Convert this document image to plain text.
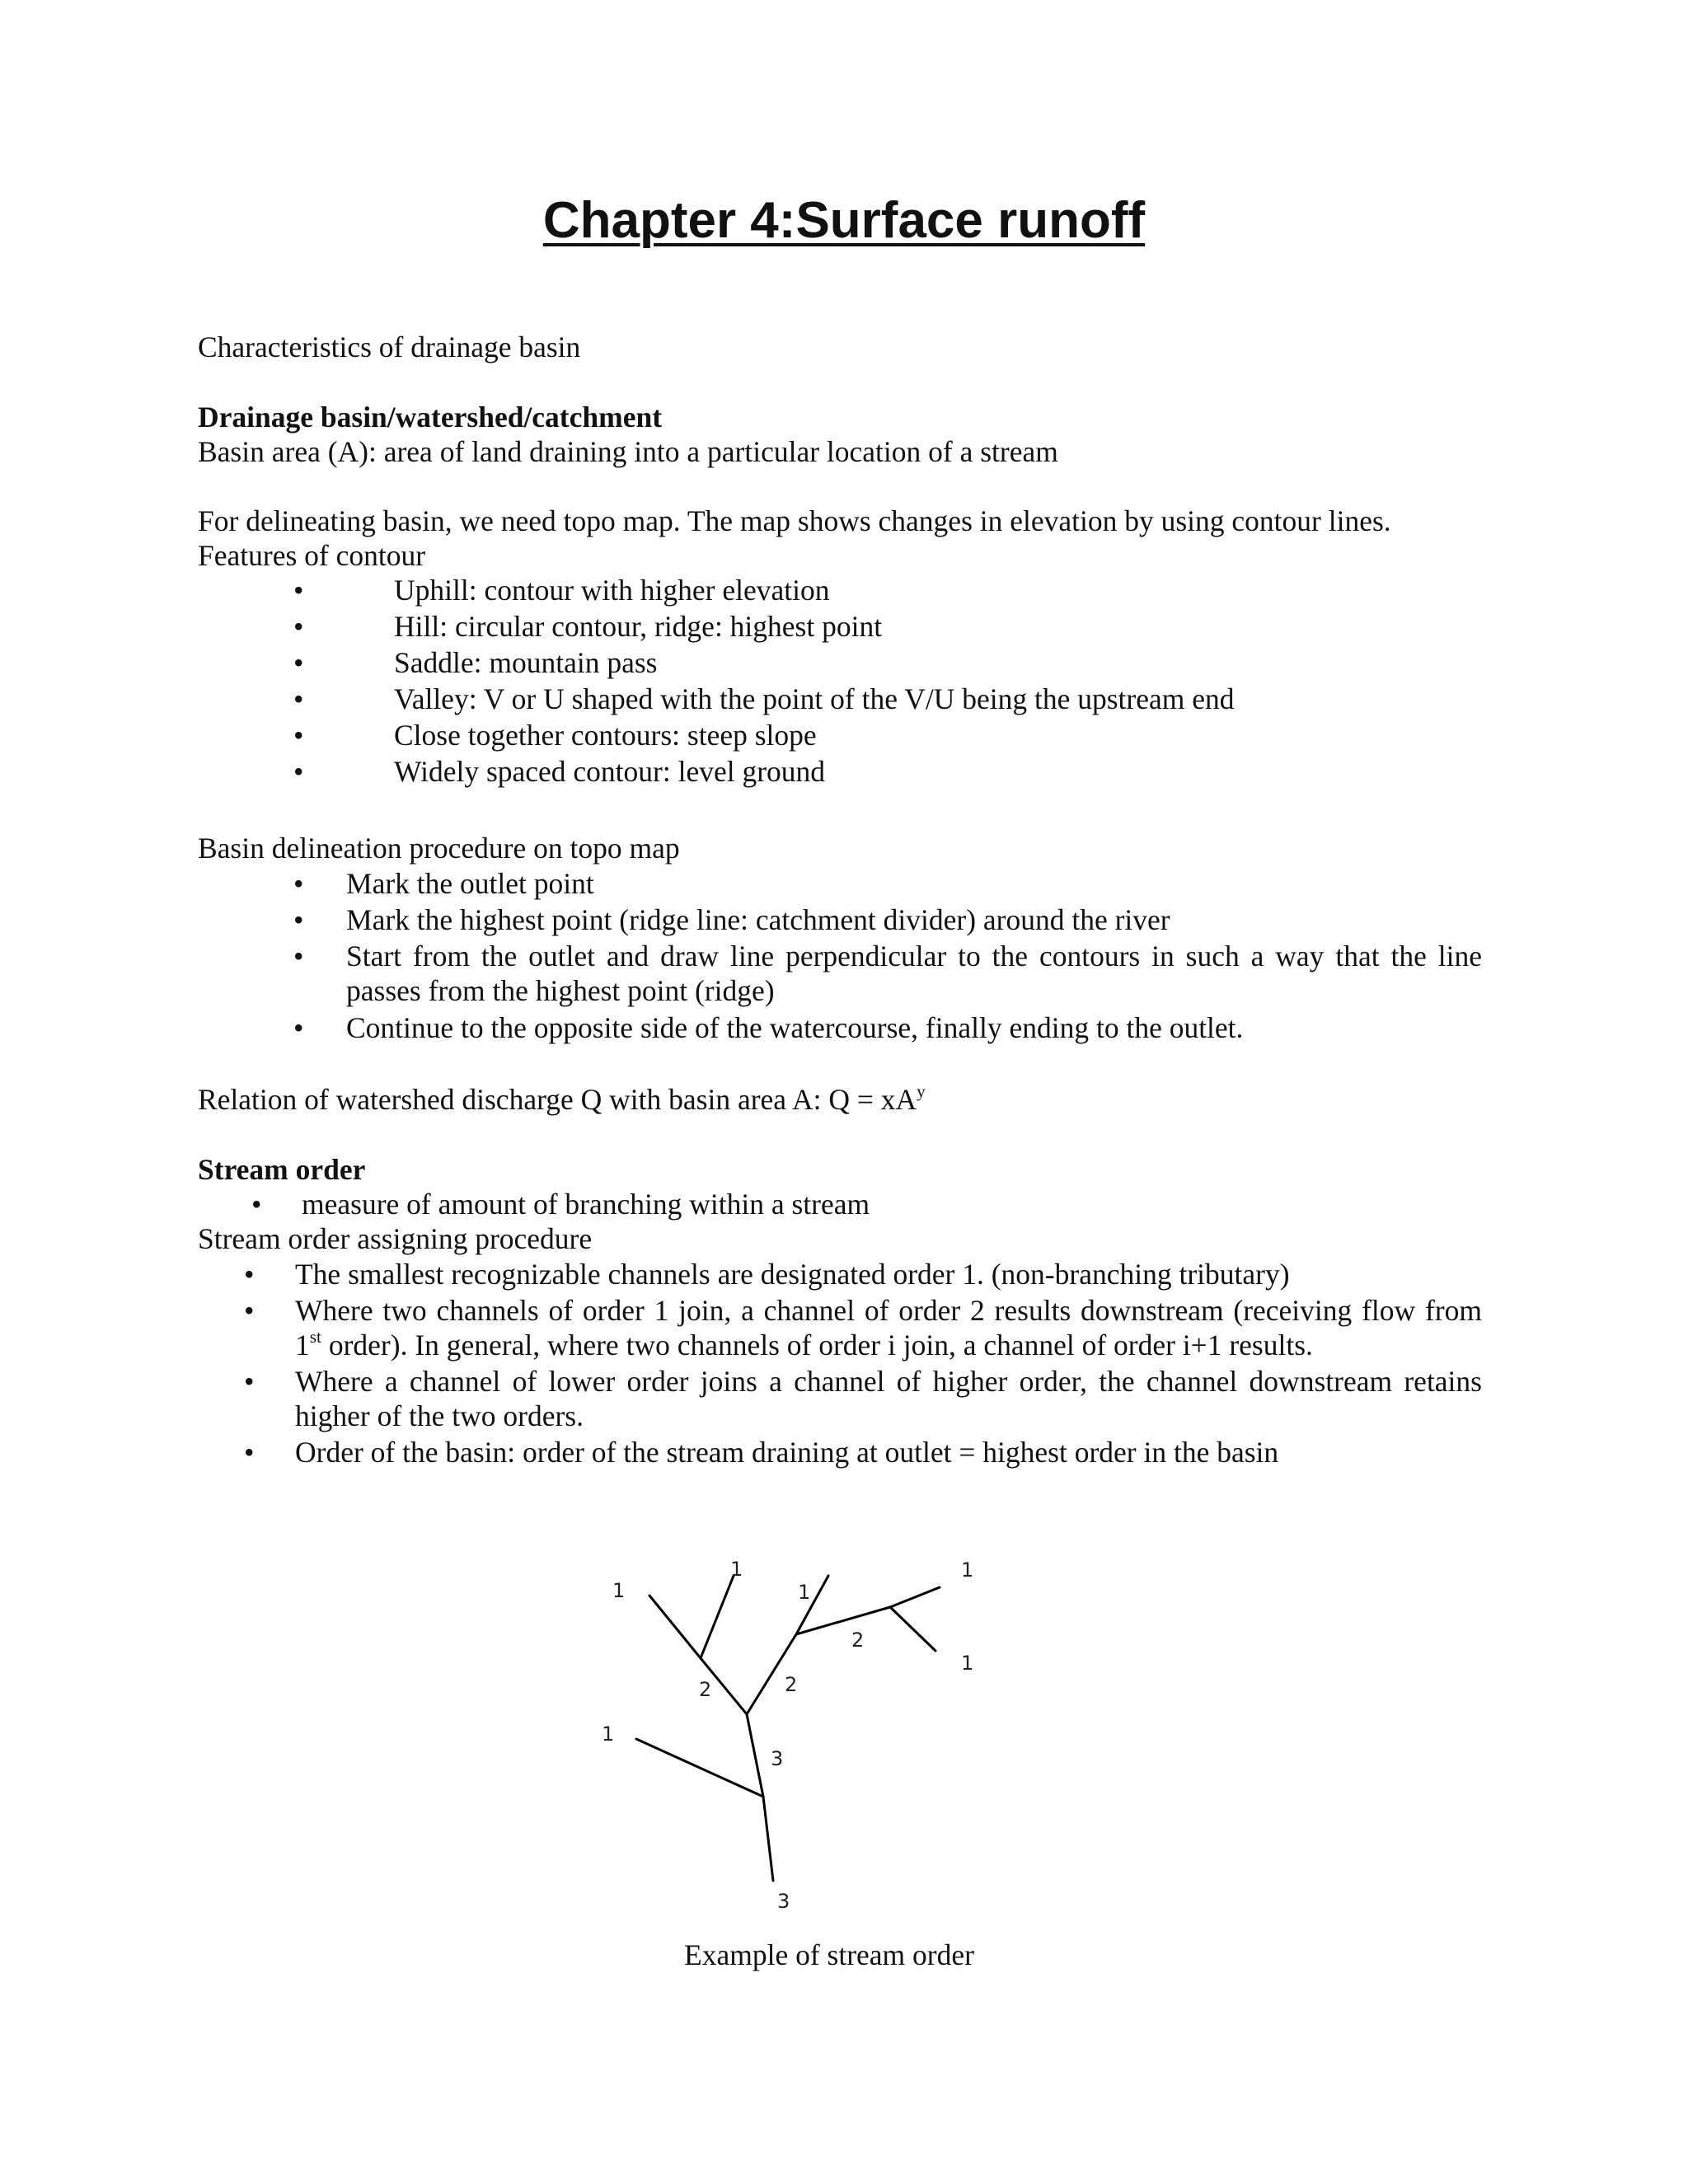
Chapter 4:Surface runoff

Characteristics of drainage basin

Drainage basin/watershed/catchment

Basin area (A): area of land draining into a particular location of a stream

For delineating basin, we need topo map. The map shows changes in elevation by using contour lines.

Features of contour

•	Uphill: contour with higher elevation

•	Hill: circular contour, ridge: highest point

•	Saddle: mountain pass

•	Valley: V or U shaped with the point of the V/U being the upstream end

•	Close together contours: steep slope

•	Widely spaced contour: level ground

Basin delineation procedure on topo map

• Mark the outlet point

• Mark the highest point (ridge line: catchment divider) around the river

• Start from the outlet and draw line perpendicular to the contours in such a way that the line

passes from the highest point (ridge)

• Continue to the opposite side of the watercourse, finally ending to the outlet.

Relation of watershed discharge Q with basin area A: $Q = xA^y$

Stream order

• measure of amount of branching within a stream

Stream order assigning procedure

• The smallest recognizable channels are designated order 1. (non-branching tributary)

• Where two channels of order 1 join, a channel of order 2 results downstream (receiving flow from

1st order). In general, where two channels of order i join, a channel of order i+1 results.

• Where a channel of lower order joins a channel of higher order, the channel downstream retains

higher of the two orders.

• Order of the basin: order of the stream draining at outlet = highest order in the basin

1
1
1
1
1
1
2
2	2
3
3

Example of stream order
